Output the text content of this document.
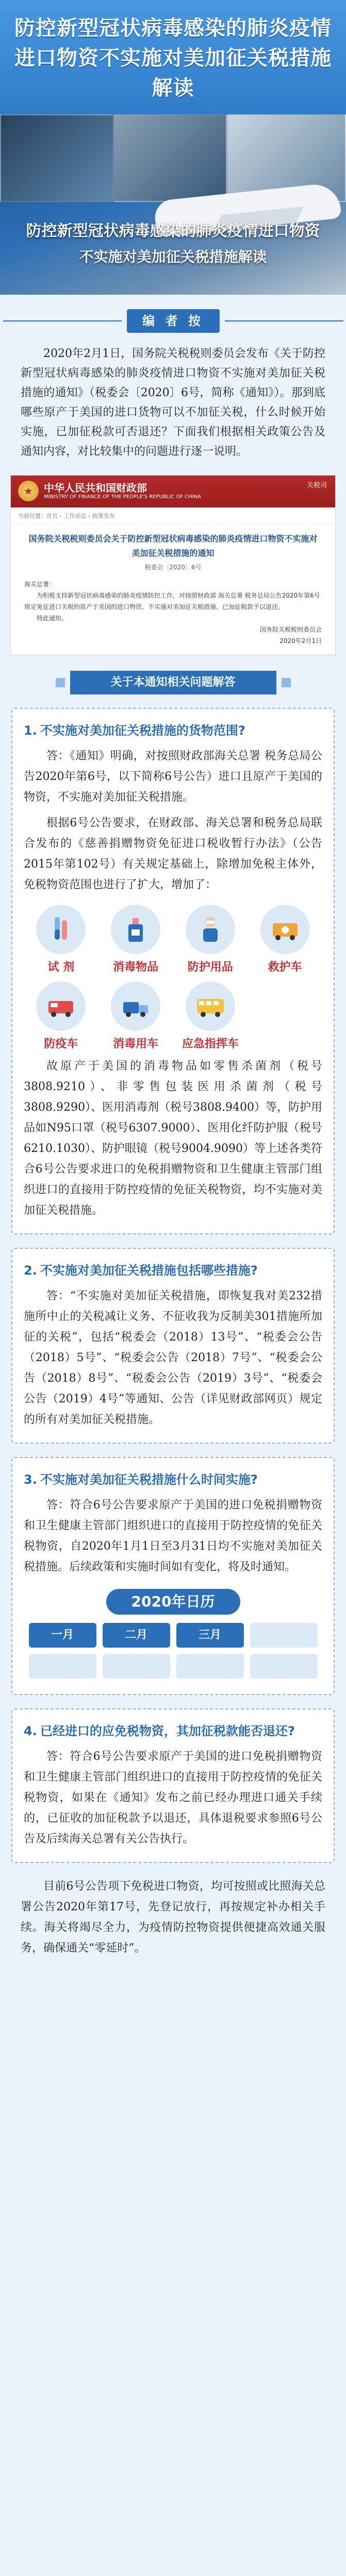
防控新型冠状病毒感染的肺炎疫情进口物资不实施对美加征关税措施解读
防控新型冠状病毒感染的肺炎疫情进口物资
不实施对美加征关税措施解读
编 者 按

2020年2月1日，国务院关税税则委员会发布《关于防控新型冠状病毒感染的肺炎疫情进口物资不实施对美加征关税措施的通知》（税委会〔2020〕6号，简称《通知》）。那到底哪些原产于美国的进口货物可以不加征关税，什么时候开始实施，已加征税款可否退还？下面我们根据相关政策公告及通知内容，对比较集中的问题进行逐一说明。

★	中华人民共和国财政部
MINISTRY OF FINANCE OF THE PEOPLE'S REPUBLIC OF CHINA
关税司
当前位置：首页 › 工作动态 › 政策发布
国务院关税税则委员会关于防控新型冠状病毒感染的肺炎疫情进口物资不实施对美加征关税措施的通知
税委会〔2020〕6号

海关总署：

为积极支持新型冠状病毒感染的肺炎疫情防控工作，对按照财政部 海关总署 税务总局公告2020年第6号规定免征进口关税的原产于美国的进口物资，不实施对美加征关税措施。已加征税款予以退还。

特此通知。

国务院关税税则委员会

2020年2月1日

关于本通知相关问题解答
1. 不实施对美加征关税措施的货物范围?

答：《通知》明确，对按照财政部海关总署 税务总局公告2020年第6号，以下简称6号公告）进口且原产于美国的物资，不实施对美加征关税措施。

根据6号公告要求，在财政部、海关总署和税务总局联合发布的《慈善捐赠物资免征进口税收暂行办法》（公告2015年第102号）有关规定基础上，除增加免税主体外，免税物资范围也进行了扩大，增加了：

试 剂	消毒物品	防护用品	救护车
防疫车	消毒用车	应急指挥车

故原产于美国的消毒物品如零售杀菌剂（税号3808.9210）、非零售包装医用杀菌剂（税号3808.9290）、医用消毒剂（税号3808.9400）等，防护用品如N95口罩（税号6307.9000）、医用化纤防护服（税号6210.1030）、防护眼镜（税号9004.9090）等上述各类符合6号公告要求进口的免税捐赠物资和卫生健康主管部门组织进口的直接用于防控疫情的免征关税物资，均不实施对美加征关税措施。

2. 不实施对美加征关税措施包括哪些措施?

答：“不实施对美加征关税措施，即恢复我对美232措施所中止的关税减让义务、不征收我为反制美301措施所加征的关税”，包括“税委会（2018）13号”、“税委会公告（2018）5号”、“税委会公告（2018）7号”、“税委会公告（2018）8号”、“税委会公告（2019）3号”、“税委会公告（2019）4号”等通知、公告（详见财政部网页）规定的所有对美加征关税措施。

3. 不实施对美加征关税措施什么时间实施?

答：符合6号公告要求原产于美国的进口免税捐赠物资和卫生健康主管部门组织进口的直接用于防控疫情的免征关税物资，自2020年1月1日至3月31日均不实施对美加征关税措施。后续政策和实施时间如有变化，将及时通知。

2020年日历
一月	二月	三月
4. 已经进口的应免税物资，其加征税款能否退还?

答：符合6号公告要求原产于美国的进口免税捐赠物资和卫生健康主管部门组织进口的直接用于防控疫情的免征关税物资，如果在《通知》发布之前已经办理进口通关手续的，已征收的加征税款予以退还，具体退税要求参照6号公告及后续海关总署有关公告执行。

目前6号公告项下免税进口物资，均可按照或比照海关总署公告2020年第17号，先登记放行，再按规定补办相关手续。海关将竭尽全力，为疫情防控物资提供便捷高效通关服务，确保通关“零延时”。
